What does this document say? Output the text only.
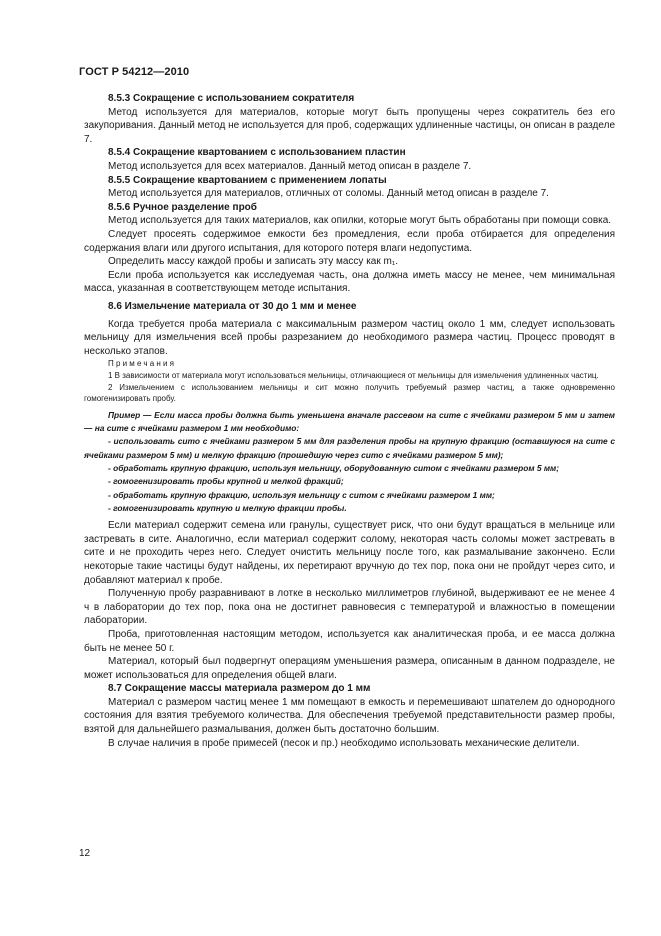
ГОСТ Р 54212—2010

8.5.3 Сокращение с использованием сократителя

Метод используется для материалов, которые могут быть пропущены через сократитель без его закупоривания. Данный метод не используется для проб, содержащих удлиненные частицы, он описан в разделе 7.

8.5.4 Сокращение квартованием с использованием пластин

Метод используется для всех материалов. Данный метод описан в разделе 7.

8.5.5 Сокращение квартованием с применением лопаты

Метод используется для материалов, отличных от соломы. Данный метод описан в разделе 7.

8.5.6 Ручное разделение проб

Метод используется для таких материалов, как опилки, которые могут быть обработаны при помощи совка.

Следует просеять содержимое емкости без промедления, если проба отбирается для определения содержания влаги или другого испытания, для которого потеря влаги недопустима.

Определить массу каждой пробы и записать эту массу как m₁.

Если проба используется как исследуемая часть, она должна иметь массу не менее, чем минимальная масса, указанная в соответствующем методе испытания.

8.6 Измельчение материала от 30 до 1 мм и менее

Когда требуется проба материала с максимальным размером частиц около 1 мм, следует использовать мельницу для измельчения всей пробы разрезанием до необходимого размера частиц. Процесс проводят в несколько этапов.

Примечания

1 В зависимости от материала могут использоваться мельницы, отличающиеся от мельницы для измельчения удлиненных частиц.

2 Измельчением с использованием мельницы и сит можно получить требуемый размер частиц, а также одновременно гомогенизировать пробу.

Пример — Если масса пробы должна быть уменьшена вначале рассевом на сите с ячейками размером 5 мм и затем — на сите с ячейками размером 1 мм необходимо:

- использовать сито с ячейками размером 5 мм для разделения пробы на крупную фракцию (оставшуюся на сите с ячейками размером 5 мм) и мелкую фракцию (прошедшую через сито с ячейками размером 5 мм);

- обработать крупную фракцию, используя мельницу, оборудованную ситом с ячейками размером 5 мм;

- гомогенизировать пробы крупной и мелкой фракций;

- обработать крупную фракцию, используя мельницу с ситом с ячейками размером 1 мм;

- гомогенизировать крупную и мелкую фракции пробы.

Если материал содержит семена или гранулы, существует риск, что они будут вращаться в мельнице или застревать в сите. Аналогично, если материал содержит солому, некоторая часть соломы может застревать в сите и не проходить через него. Следует очистить мельницу после того, как размалывание закончено. Если некоторые такие частицы будут найдены, их перетирают вручную до тех пор, пока они не пройдут через сито, и добавляют материал к пробе.

Полученную пробу разравнивают в лотке в несколько миллиметров глубиной, выдерживают ее не менее 4 ч в лаборатории до тех пор, пока она не достигнет равновесия с температурой и влажностью в помещении лаборатории.

Проба, приготовленная настоящим методом, используется как аналитическая проба, и ее масса должна быть не менее 50 г.

Материал, который был подвергнут операциям уменьшения размера, описанным в данном подразделе, не может использоваться для определения общей влаги.

8.7 Сокращение массы материала размером до 1 мм

Материал с размером частиц менее 1 мм помещают в емкость и перемешивают шпателем до однородного состояния для взятия требуемого количества. Для обеспечения требуемой представительности размер пробы, взятой для дальнейшего размалывания, должен быть достаточно большим.

В случае наличия в пробе примесей (песок и пр.) необходимо использовать механические делители.

12
